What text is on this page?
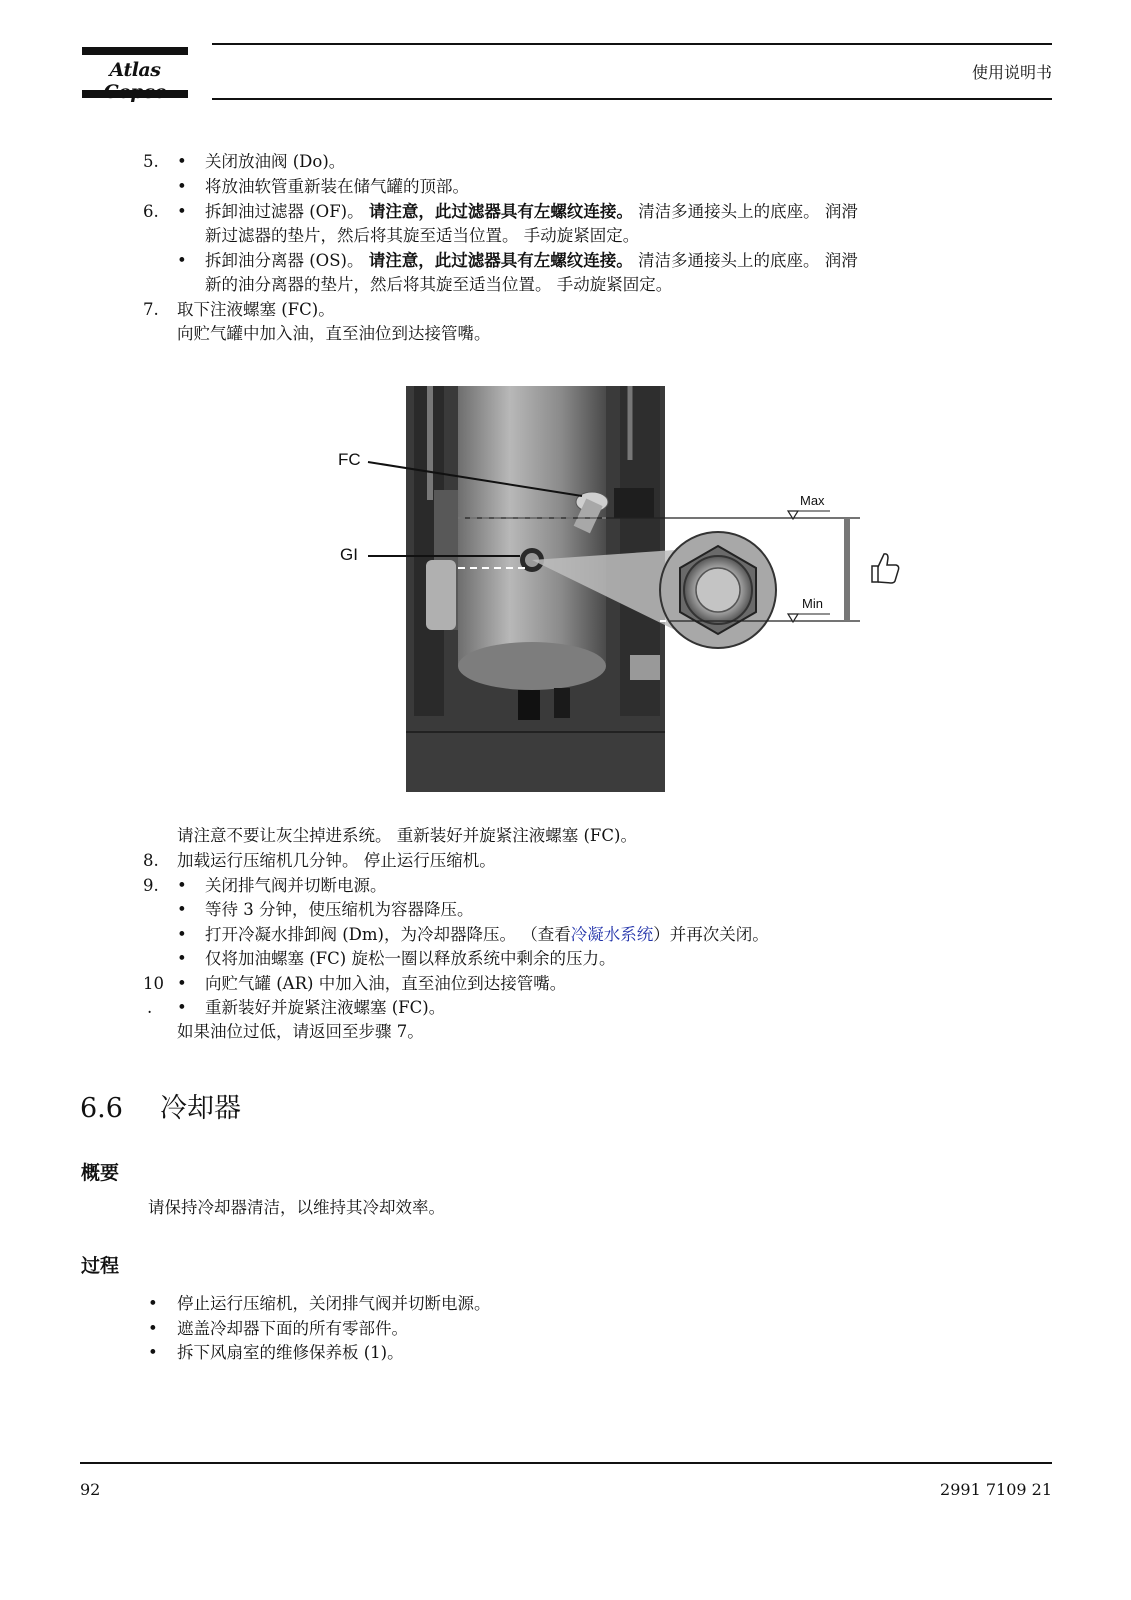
Atlas	使用说明书
5. • 关闭放油阀 (Do)。
• 将放油软管重新装在储气罐的顶部。
6. • 拆卸油过滤器 (OF)。 请注意，此过滤器具有左螺纹连接。 清洁多通接头上的底座。 润滑
新过滤器的垫片，然后将其旋至适当位置。 手动旋紧固定。
• 拆卸油分离器 (OS)。 请注意，此过滤器具有左螺纹连接。 清洁多通接头上的底座。 润滑
新的油分离器的垫片，然后将其旋至适当位置。 手动旋紧固定。
7. 取下注液螺塞 (FC)。
向贮气罐中加入油，直至油位到达接管嘴。
FC
GI
Max
Min
83331D
请注意不要让灰尘掉进系统。 重新装好并旋紧注液螺塞 (FC)。
8. 加载运行压缩机几分钟。 停止运行压缩机。
9. • 关闭排气阀并切断电源。
• 等待 3 分钟，使压缩机为容器降压。
• 打开冷凝水排卸阀 (Dm)，为冷却器降压。 （查看冷凝水系统）并再次关闭。
• 仅将加油螺塞 (FC) 旋松一圈以释放系统中剩余的压力。
10 • 向贮气罐 (AR) 中加入油，直至油位到达接管嘴。
. • 重新装好并旋紧注液螺塞 (FC)。
如果油位过低，请返回至步骤 7。
6.6 冷却器
概要
请保持冷却器清洁，以维持其冷却效率。
过程
• 停止运行压缩机，关闭排气阀并切断电源。
• 遮盖冷却器下面的所有零部件。
• 拆下风扇室的维修保养板 (1)。
92	2991 7109 21
